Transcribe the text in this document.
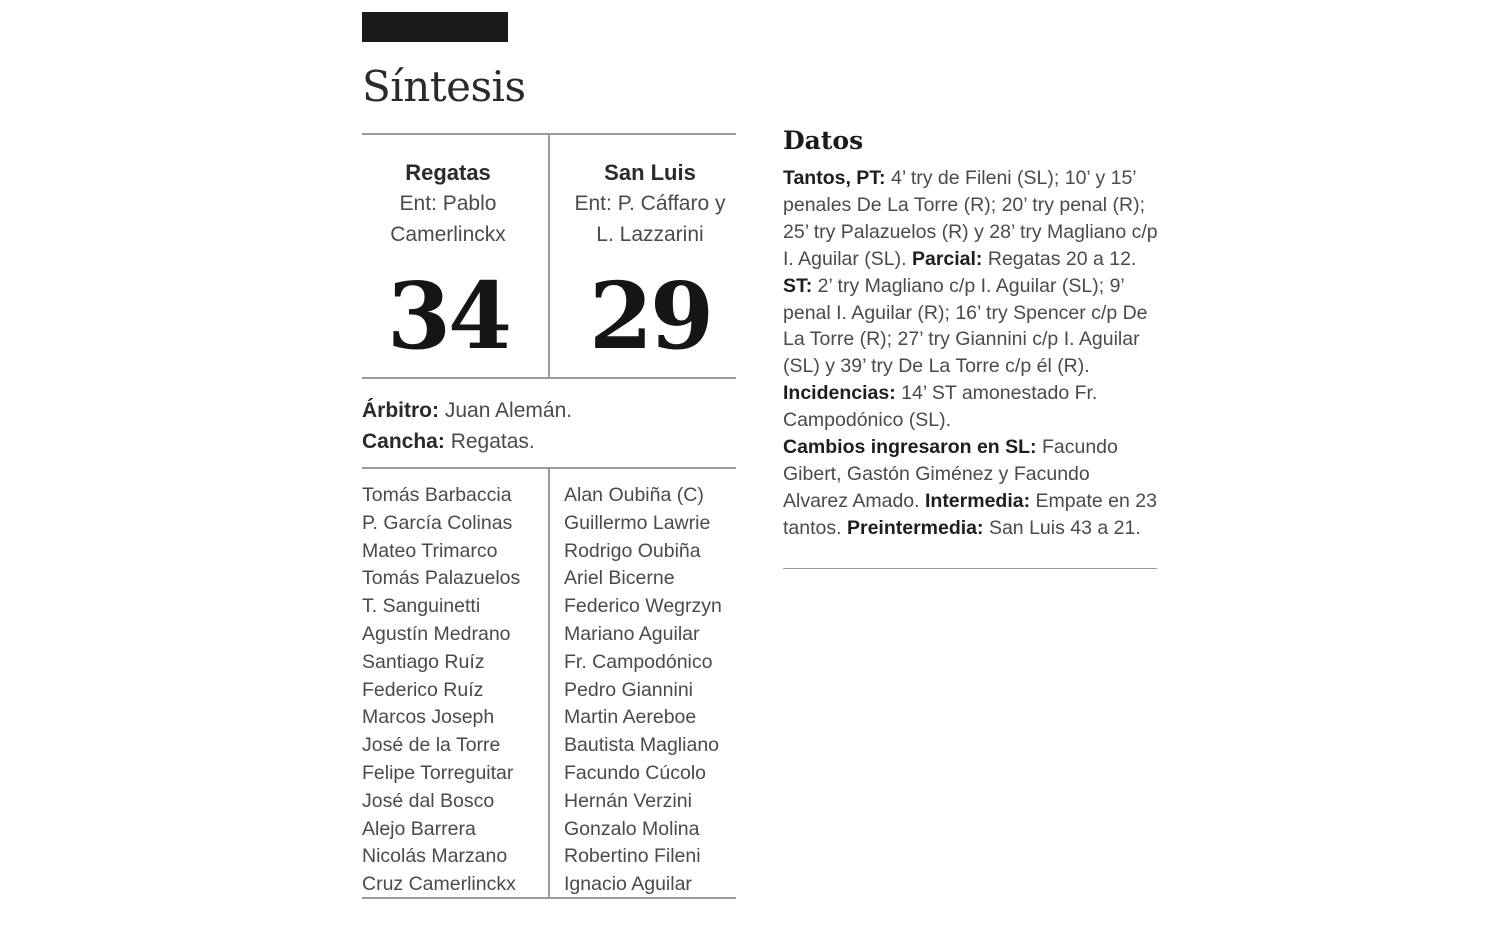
Síntesis
Regatas
Ent: Pablo
Camerlinckx
34
San Luis
Ent: P. Cáffaro y
L. Lazzarini
29
Árbitro: Juan Alemán.
Cancha: Regatas.
Tomás Barbaccia
P. García Colinas
Mateo Trimarco
Tomás Palazuelos
T. Sanguinetti
Agustín Medrano
Santiago Ruíz
Federico Ruíz
Marcos Joseph
José de la Torre
Felipe Torreguitar
José dal Bosco
Alejo Barrera
Nicolás Marzano
Cruz Camerlinckx
Alan Oubiña (C)
Guillermo Lawrie
Rodrigo Oubiña
Ariel Bicerne
Federico Wegrzyn
Mariano Aguilar
Fr. Campodónico
Pedro Giannini
Martin Aereboe
Bautista Magliano
Facundo Cúcolo
Hernán Verzini
Gonzalo Molina
Robertino Fileni
Ignacio Aguilar
Datos
Tantos, PT: 4’ try de Fileni (SL); 10’ y 15’ penales De La Torre (R); 20’ try penal (R); 25’ try Palazuelos (R) y 28’ try Magliano c/p I. Aguilar (SL). Parcial: Regatas 20 a 12. ST: 2’ try Magliano c/p I. Aguilar (SL); 9’ penal I. Aguilar (R); 16’ try Spencer c/p De La Torre (R); 27’ try Giannini c/p I. Aguilar (SL) y 39’ try De La Torre c/p él (R).
Incidencias: 14’ ST amonestado Fr. Campodónico (SL).
Cambios ingresaron en SL: Facundo Gibert, Gastón Giménez y Facundo Alvarez Amado. Intermedia: Empate en 23 tantos. Preintermedia: San Luis 43 a 21.
